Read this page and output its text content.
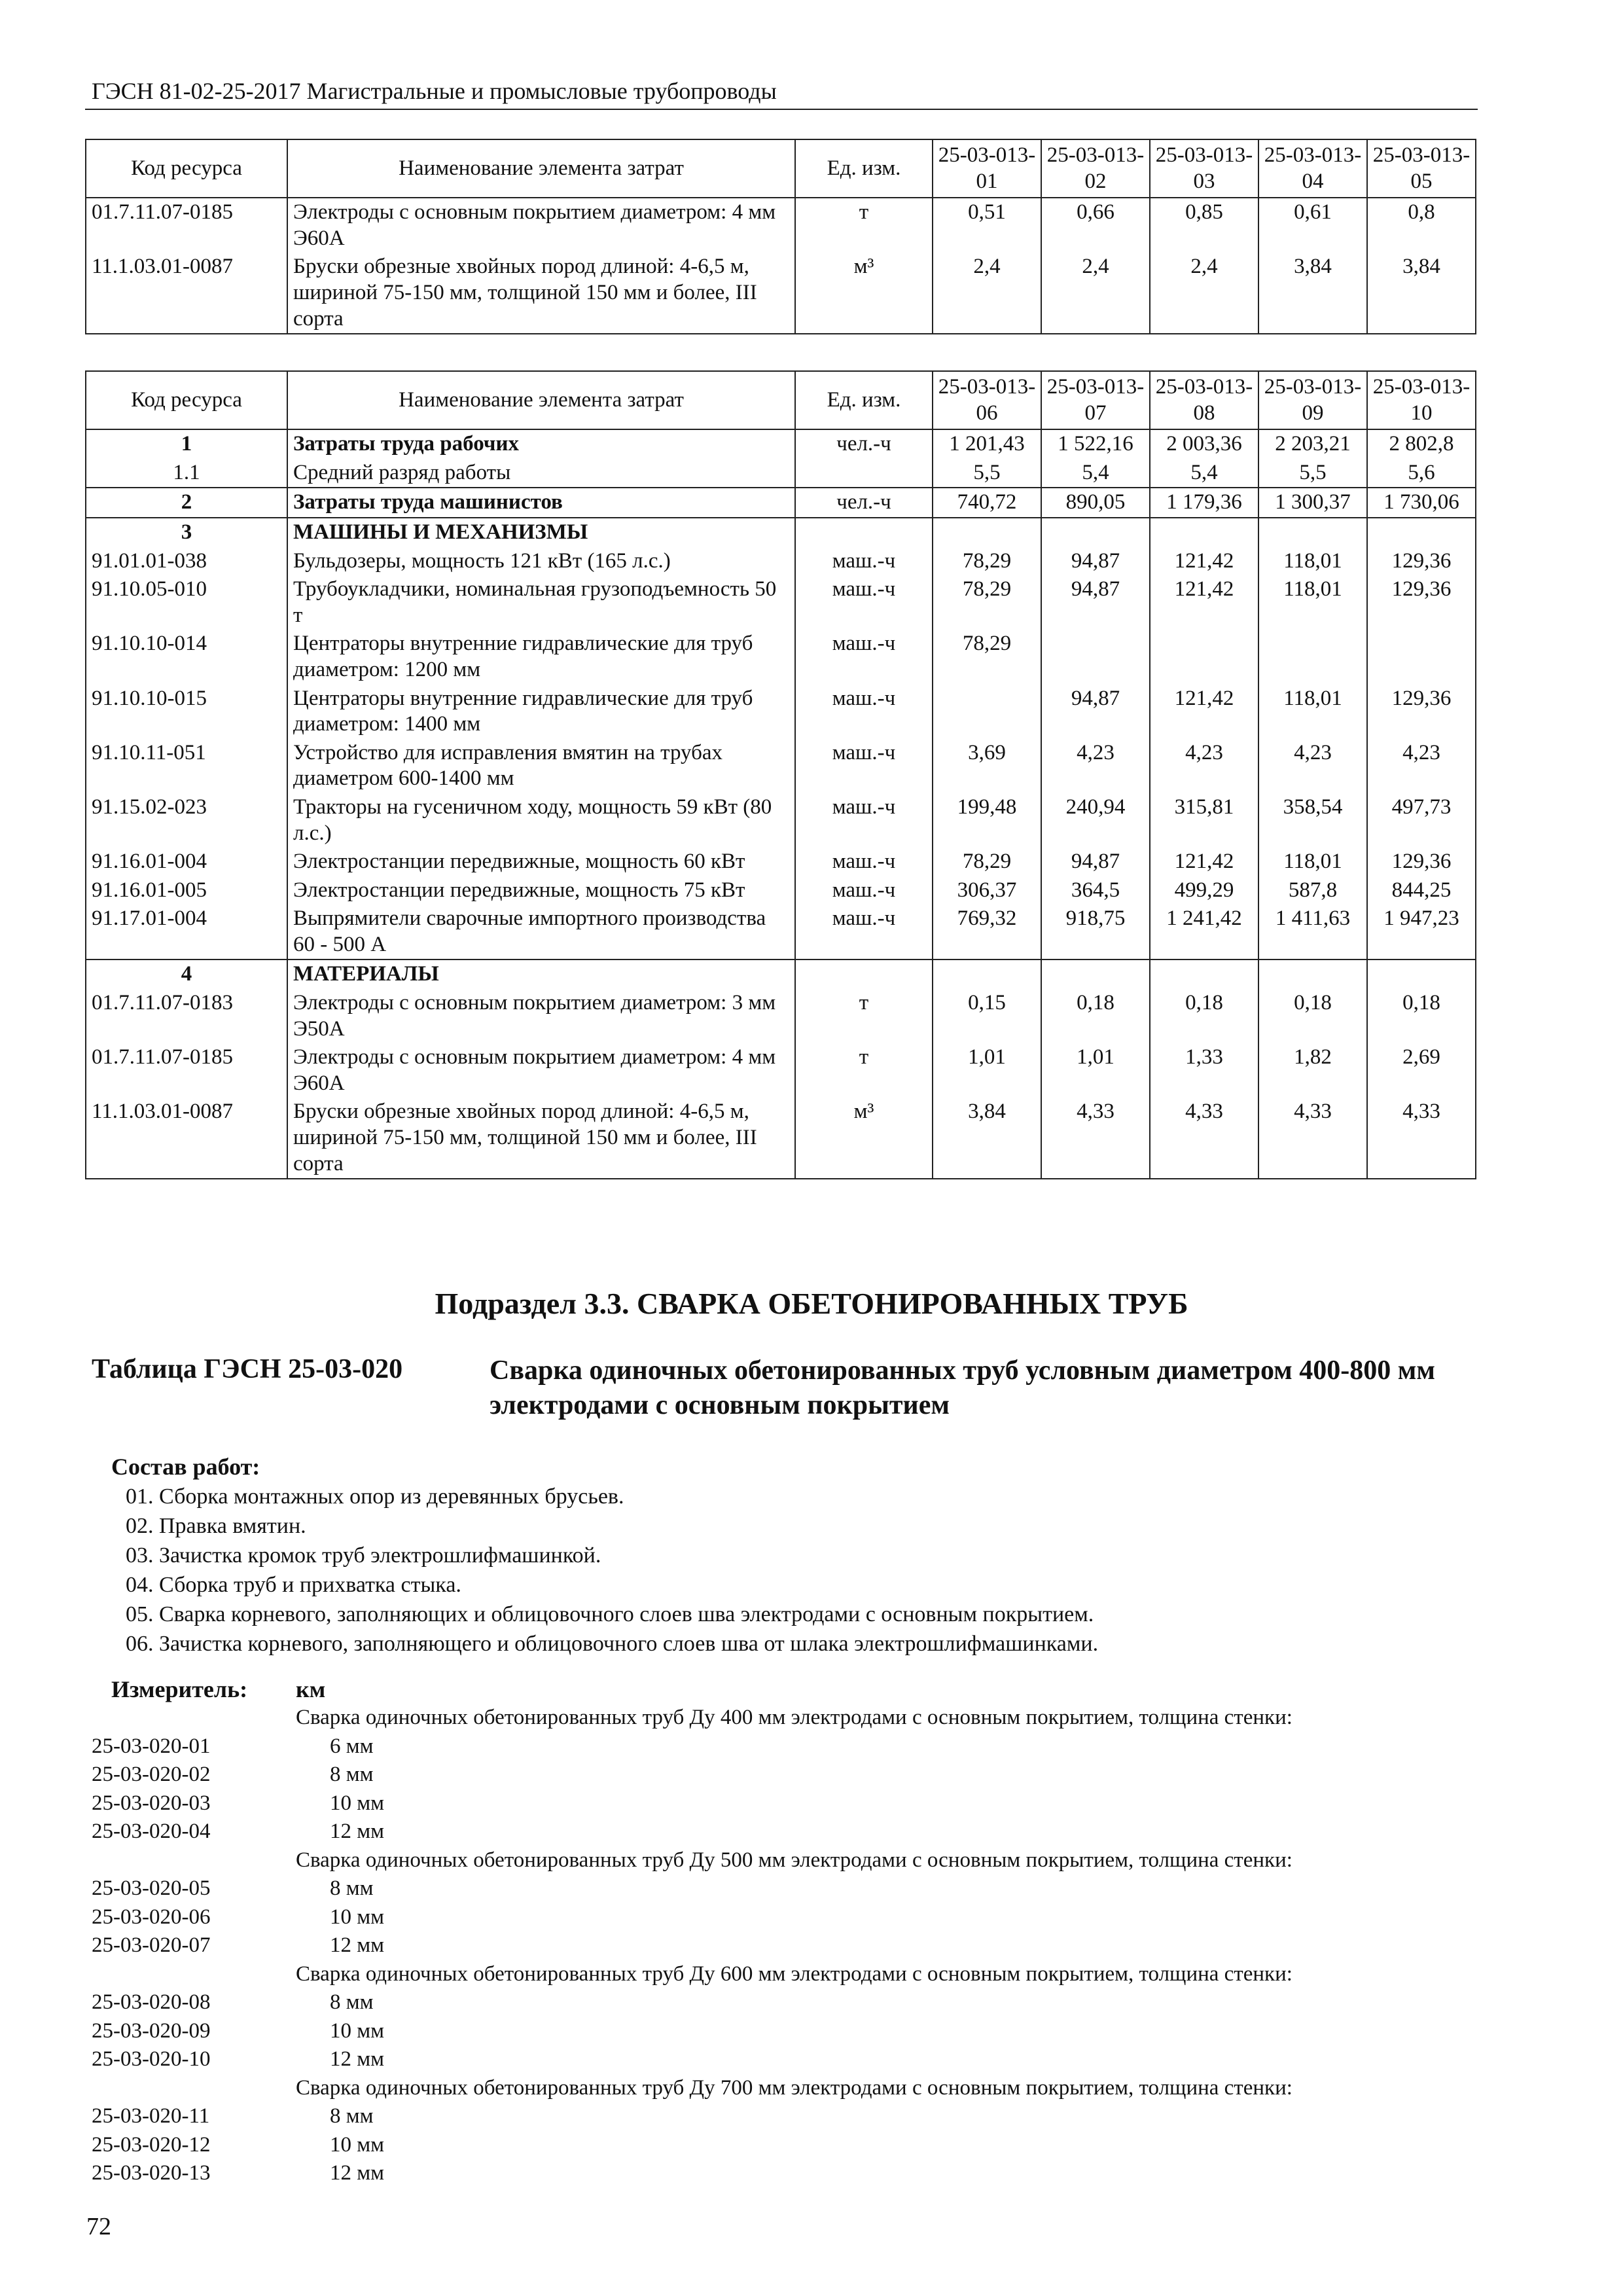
ГЭСН 81-02-25-2017 Магистральные и промысловые трубопроводы
Код ресурса	Наименование элемента затрат	Ед. изм.	25-03-013-01	25-03-013-02	25-03-013-03	25-03-013-04	25-03-013-05
01.7.11.07-0185	Электроды с основным покрытием диаметром: 4 мм Э60А	т	0,51	0,66	0,85	0,61	0,8
11.1.03.01-0087	Бруски обрезные хвойных пород длиной: 4-6,5 м, шириной 75-150 мм, толщиной 150 мм и более, III сорта	м³	2,4	2,4	2,4	3,84	3,84
Код ресурса	Наименование элемента затрат	Ед. изм.	25-03-013-06	25-03-013-07	25-03-013-08	25-03-013-09	25-03-013-10
1	Затраты труда рабочих	чел.-ч	1 201,43	1 522,16	2 003,36	2 203,21	2 802,8
1.1	Средний разряд работы		5,5	5,4	5,4	5,5	5,6
2	Затраты труда машинистов	чел.-ч	740,72	890,05	1 179,36	1 300,37	1 730,06
3	МАШИНЫ И МЕХАНИЗМЫ						
91.01.01-038	Бульдозеры, мощность 121 кВт (165 л.с.)	маш.-ч	78,29	94,87	121,42	118,01	129,36
91.10.05-010	Трубоукладчики, номинальная грузоподъемность 50 т	маш.-ч	78,29	94,87	121,42	118,01	129,36
91.10.10-014	Центраторы внутренние гидравлические для труб диаметром: 1200 мм	маш.-ч	78,29				
91.10.10-015	Центраторы внутренние гидравлические для труб диаметром: 1400 мм	маш.-ч		94,87	121,42	118,01	129,36
91.10.11-051	Устройство для исправления вмятин на трубах диаметром 600-1400 мм	маш.-ч	3,69	4,23	4,23	4,23	4,23
91.15.02-023	Тракторы на гусеничном ходу, мощность 59 кВт (80 л.с.)	маш.-ч	199,48	240,94	315,81	358,54	497,73
91.16.01-004	Электростанции передвижные, мощность 60 кВт	маш.-ч	78,29	94,87	121,42	118,01	129,36
91.16.01-005	Электростанции передвижные, мощность 75 кВт	маш.-ч	306,37	364,5	499,29	587,8	844,25
91.17.01-004	Выпрямители сварочные импортного производства 60 - 500 А	маш.-ч	769,32	918,75	1 241,42	1 411,63	1 947,23
4	МАТЕРИАЛЫ						
01.7.11.07-0183	Электроды с основным покрытием диаметром: 3 мм Э50А	т	0,15	0,18	0,18	0,18	0,18
01.7.11.07-0185	Электроды с основным покрытием диаметром: 4 мм Э60А	т	1,01	1,01	1,33	1,82	2,69
11.1.03.01-0087	Бруски обрезные хвойных пород длиной: 4-6,5 м, шириной 75-150 мм, толщиной 150 мм и более, III сорта	м³	3,84	4,33	4,33	4,33	4,33
Подраздел 3.3. СВАРКА ОБЕТОНИРОВАННЫХ ТРУБ
Таблица ГЭСН 25-03-020	Сварка одиночных обетонированных труб условным диаметром 400-800 мм электродами с основным покрытием
Состав работ:
01. Сборка монтажных опор из деревянных брусьев.
02. Правка вмятин.
03. Зачистка кромок труб электрошлифмашинкой.
04. Сборка труб и прихватка стыка.
05. Сварка корневого, заполняющих и облицовочного слоев шва электродами с основным покрытием.
06. Зачистка корневого, заполняющего и облицовочного слоев шва от шлака электрошлифмашинками.
Измеритель: км
Сварка одиночных обетонированных труб Ду 400 мм электродами с основным покрытием, толщина стенки:
25-03-020-01	6 мм
25-03-020-02	8 мм
25-03-020-03	10 мм
25-03-020-04	12 мм
Сварка одиночных обетонированных труб Ду 500 мм электродами с основным покрытием, толщина стенки:
25-03-020-05	8 мм
25-03-020-06	10 мм
25-03-020-07	12 мм
Сварка одиночных обетонированных труб Ду 600 мм электродами с основным покрытием, толщина стенки:
25-03-020-08	8 мм
25-03-020-09	10 мм
25-03-020-10	12 мм
Сварка одиночных обетонированных труб Ду 700 мм электродами с основным покрытием, толщина стенки:
25-03-020-11	8 мм
25-03-020-12	10 мм
25-03-020-13	12 мм
72
